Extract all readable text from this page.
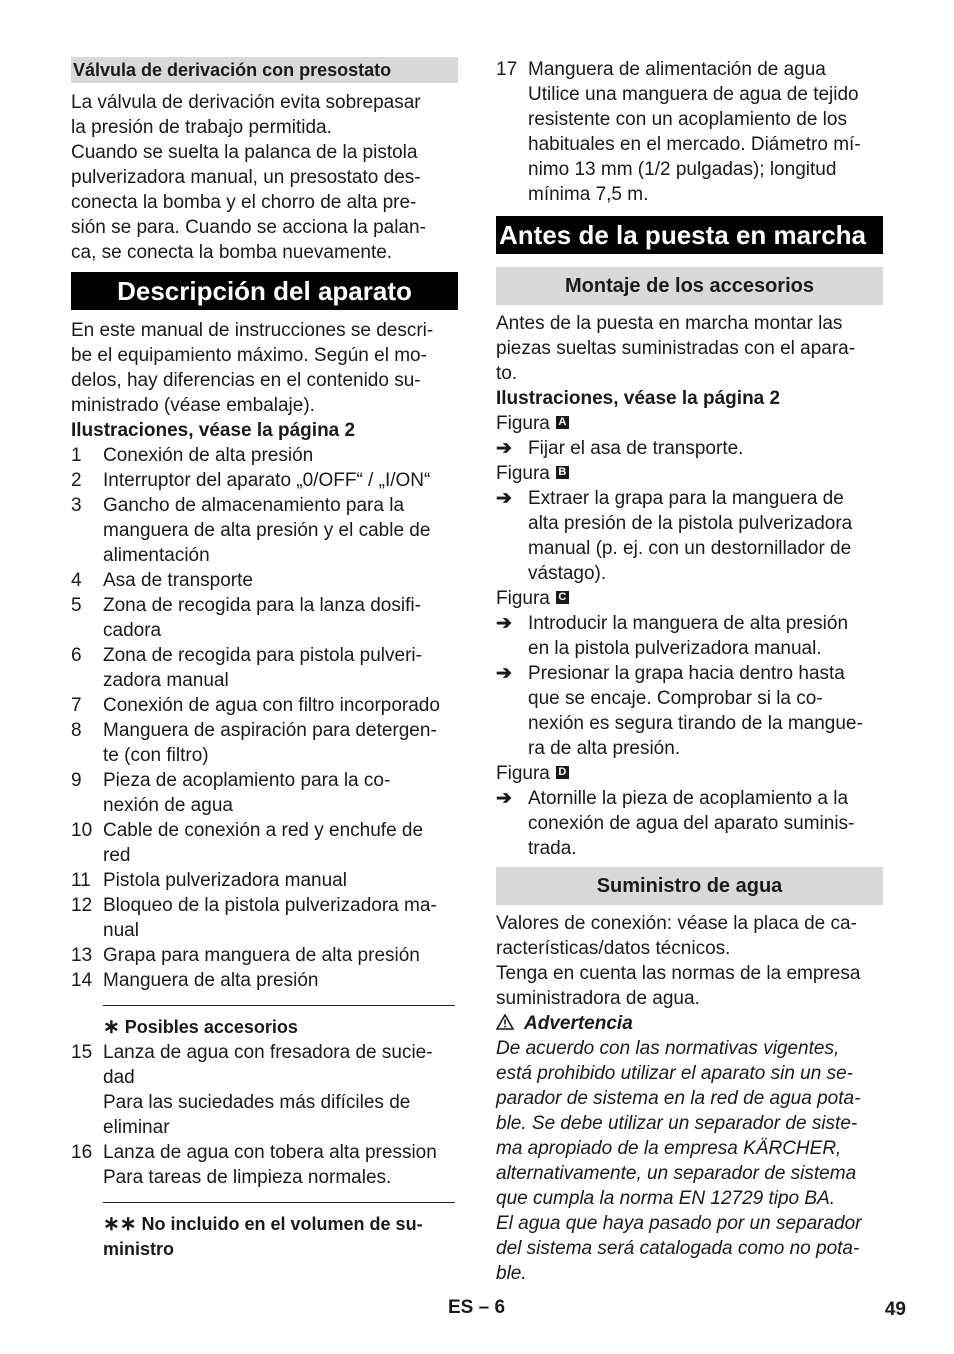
Válvula de derivación con presostato

La válvula de derivación evita sobrepasar

la presión de trabajo permitida.

Cuando se suelta la palanca de la pistola

pulverizadora manual, un presostato des-

conecta la bomba y el chorro de alta pre-

sión se para. Cuando se acciona la palan-

ca, se conecta la bomba nuevamente.

Descripción del aparato

En este manual de instrucciones se descri-

be el equipamiento máximo. Según el mo-

delos, hay diferencias en el contenido su-

ministrado (véase embalaje).

Ilustraciones, véase la página 2

1	Conexión de alta presión
2	Interruptor del aparato „0/OFF“ / „I/ON“
3	Gancho de almacenamiento para la
manguera de alta presión y el cable de
alimentación
4	Asa de transporte
5	Zona de recogida para la lanza dosifi-
cadora
6	Zona de recogida para pistola pulveri-
zadora manual
7	Conexión de agua con filtro incorporado
8	Manguera de aspiración para detergen-
te (con filtro)
9	Pieza de acoplamiento para la co-
nexión de agua
10 Cable de conexión a red y enchufe de
red
11 Pistola pulverizadora manual
12 Bloqueo de la pistola pulverizadora ma-
nual
13 Grapa para manguera de alta presión
14 Manguera de alta presión
∗ Posibles accesorios
15 Lanza de agua con fresadora de sucie-
dad
Para las suciedades más difíciles de
eliminar
16 Lanza de agua con tobera alta pression
Para tareas de limpieza normales.
∗∗ No incluido en el volumen de su-
ministro
17 Manguera de alimentación de agua
Utilice una manguera de agua de tejido
resistente con un acoplamiento de los
habituales en el mercado. Diámetro mí-
nimo 13 mm (1/2 pulgadas); longitud
mínima 7,5 m.
Antes de la puesta en marcha
Montaje de los accesorios

Antes de la puesta en marcha montar las

piezas sueltas suministradas con el apara-

to.

Ilustraciones, véase la página 2

Figura A
➔ Fijar el asa de transporte.
Figura B
➔ Extraer la grapa para la manguera de
alta presión de la pistola pulverizadora
manual (p. ej. con un destornillador de
vástago).
Figura C
➔ Introducir la manguera de alta presión
en la pistola pulverizadora manual.
➔ Presionar la grapa hacia dentro hasta
que se encaje. Comprobar si la co-
nexión es segura tirando de la mangue-
ra de alta presión.
Figura D
➔ Atornille la pieza de acoplamiento a la
conexión de agua del aparato suminis-
trada.
Suministro de agua

Valores de conexión: véase la placa de ca-

racterísticas/datos técnicos.

Tenga en cuenta las normas de la empresa

suministradora de agua.

Advertencia

De acuerdo con las normativas vigentes,

está prohibido utilizar el aparato sin un se-

parador de sistema en la red de agua pota-

ble. Se debe utilizar un separador de siste-

ma apropiado de la empresa KÄRCHER,

alternativamente, un separador de sistema

que cumpla la norma EN 12729 tipo BA.

El agua que haya pasado por un separador

del sistema será catalogada como no pota-

ble.

ES – 6	49
